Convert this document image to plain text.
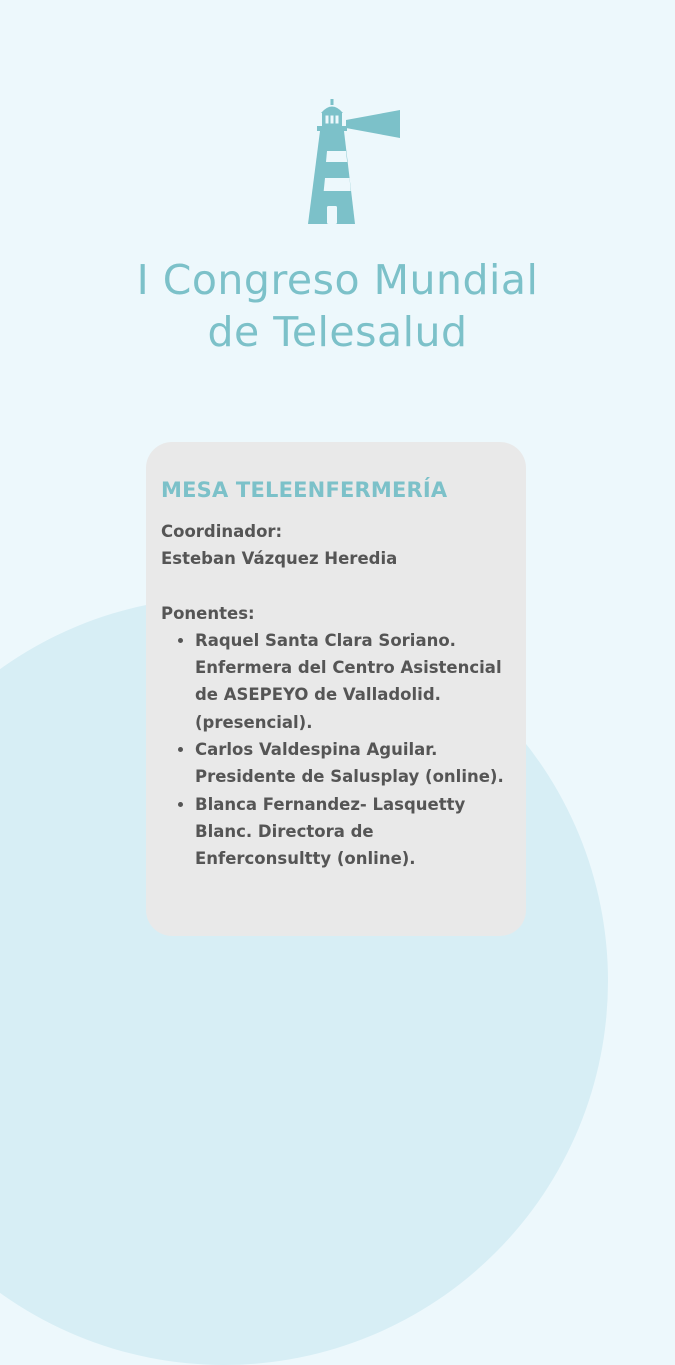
I Congreso Mundial
de Telesalud
MESA TELEENFERMERÍA
Coordinador:
Esteban Vázquez Heredia
Ponentes:
• Raquel Santa Clara Soriano. Enfermera del Centro Asistencial de ASEPEYO de Valladolid. (presencial).
• Carlos Valdespina Aguilar. Presidente de Salusplay (online).
• Blanca Fernandez- Lasquetty Blanc. Directora de Enferconsultty (online).
